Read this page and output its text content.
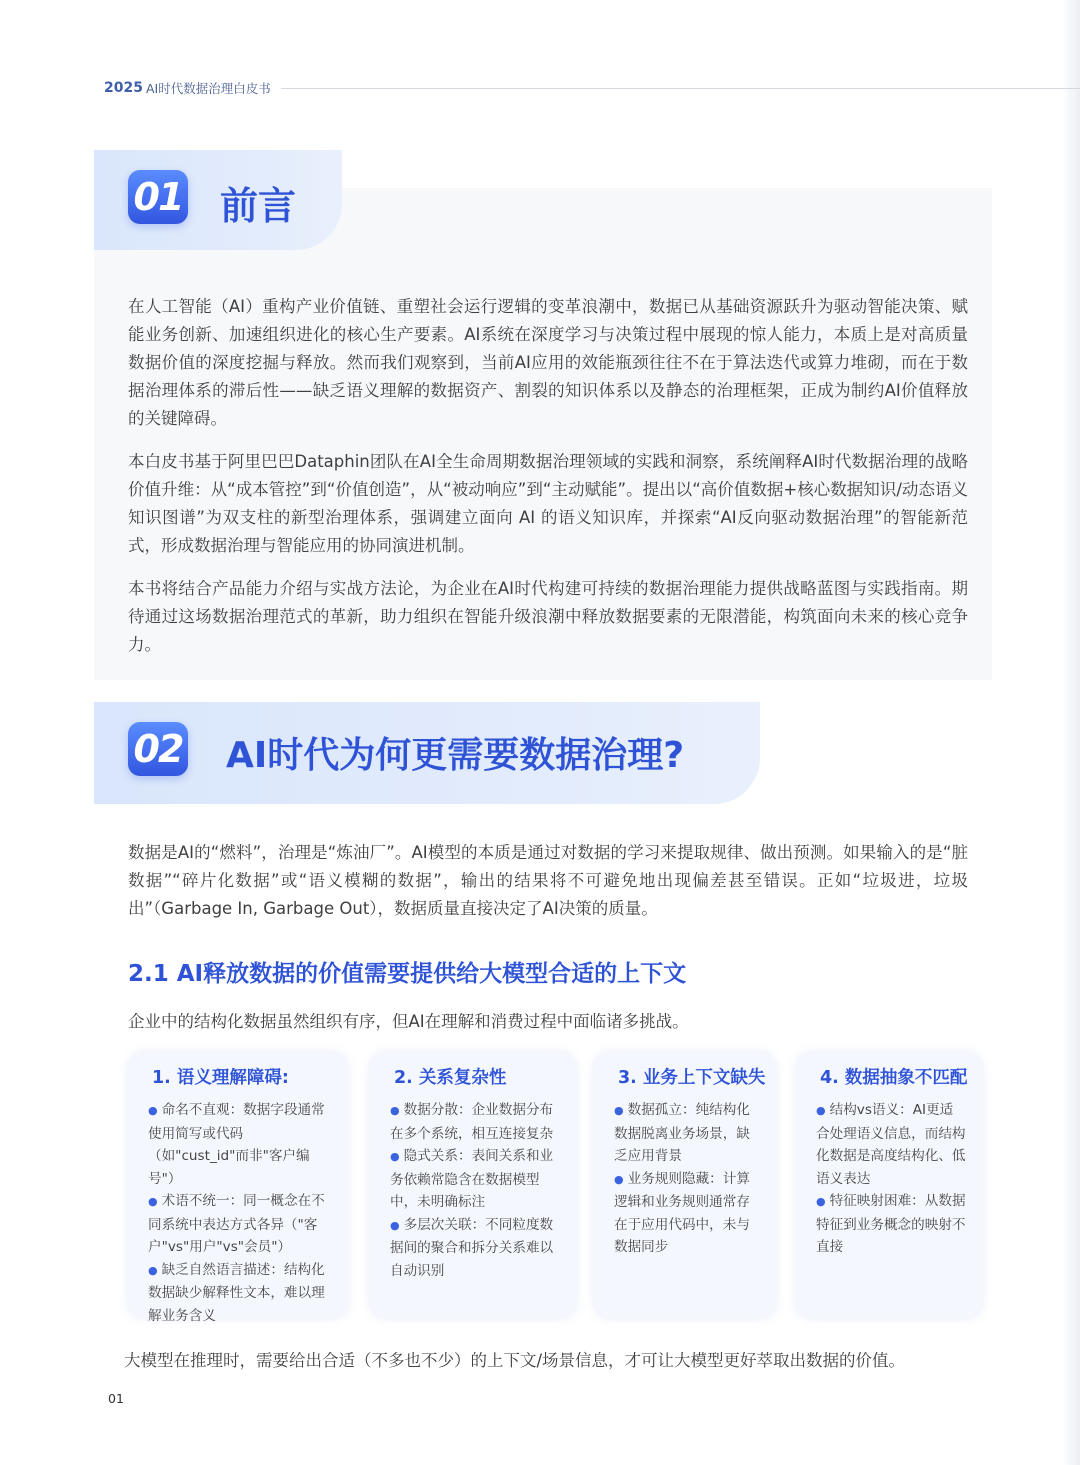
2025 AI时代数据治理白皮书
01 前言
在人工智能（AI）重构产业价值链、重塑社会运行逻辑的变革浪潮中，数据已从基础资源跃升为驱动智能决策、赋能业务创新、加速组织进化的核心生产要素。AI系统在深度学习与决策过程中展现的惊人能力，本质上是对高质量数据价值的深度挖掘与释放。然而我们观察到，当前AI应用的效能瓶颈往往不在于算法迭代或算力堆砌，而在于数据治理体系的滞后性——缺乏语义理解的数据资产、割裂的知识体系以及静态的治理框架，正成为制约AI价值释放的关键障碍。
本白皮书基于阿里巴巴Dataphin团队在AI全生命周期数据治理领域的实践和洞察，系统阐释AI时代数据治理的战略价值升维：从“成本管控”到“价值创造”，从“被动响应”到“主动赋能”。提出以“高价值数据+核心数据知识/动态语义知识图谱”为双支柱的新型治理体系，强调建立面向 AI 的语义知识库，并探索“AI反向驱动数据治理”的智能新范式，形成数据治理与智能应用的协同演进机制。
本书将结合产品能力介绍与实战方法论，为企业在AI时代构建可持续的数据治理能力提供战略蓝图与实践指南。期待通过这场数据治理范式的革新，助力组织在智能升级浪潮中释放数据要素的无限潜能，构筑面向未来的核心竞争力。
02 AI时代为何更需要数据治理?
数据是AI的“燃料”，治理是“炼油厂”。AI模型的本质是通过对数据的学习来提取规律、做出预测。如果输入的是“脏数据”“碎片化数据”或“语义模糊的数据”，输出的结果将不可避免地出现偏差甚至错误。正如“垃圾进，垃圾出”（Garbage In, Garbage Out），数据质量直接决定了AI决策的质量。
2.1 AI释放数据的价值需要提供给大模型合适的上下文
企业中的结构化数据虽然组织有序，但AI在理解和消费过程中面临诸多挑战。
1. 语义理解障碍:
● 命名不直观：数据字段通常使用简写或代码（如"cust_id"而非"客户编号"）
● 术语不统一：同一概念在不同系统中表达方式各异（"客户"vs"用户"vs"会员"）
● 缺乏自然语言描述：结构化数据缺少解释性文本，难以理解业务含义
2. 关系复杂性
● 数据分散：企业数据分布在多个系统，相互连接复杂
● 隐式关系：表间关系和业务依赖常隐含在数据模型中，未明确标注
● 多层次关联：不同粒度数据间的聚合和拆分关系难以自动识别
3. 业务上下文缺失
● 数据孤立：纯结构化数据脱离业务场景，缺乏应用背景
● 业务规则隐藏：计算逻辑和业务规则通常存在于应用代码中，未与数据同步
4. 数据抽象不匹配
● 结构vs语义：AI更适合处理语义信息，而结构化数据是高度结构化、低语义表达
● 特征映射困难：从数据特征到业务概念的映射不直接
大模型在推理时，需要给出合适（不多也不少）的上下文/场景信息，才可让大模型更好萃取出数据的价值。
01
